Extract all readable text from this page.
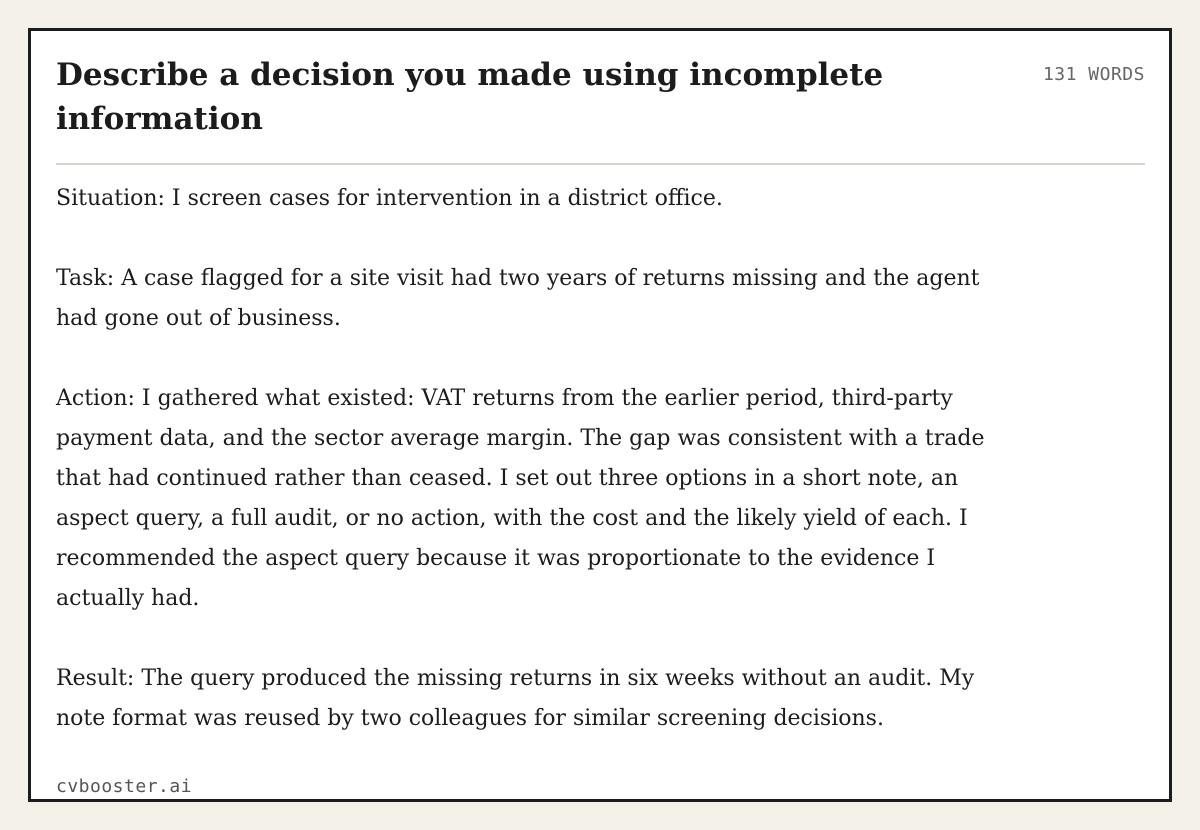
Describe a decision you made using incomplete information
131 WORDS

Situation: I screen cases for intervention in a district office.

Task: A case flagged for a site visit had two years of returns missing and the agent had gone out of business.

Action: I gathered what existed: VAT returns from the earlier period, third-party payment data, and the sector average margin. The gap was consistent with a trade that had continued rather than ceased. I set out three options in a short note, an aspect query, a full audit, or no action, with the cost and the likely yield of each. I recommended the aspect query because it was proportionate to the evidence I actually had.

Result: The query produced the missing returns in six weeks without an audit. My note format was reused by two colleagues for similar screening decisions.

cvbooster.ai
